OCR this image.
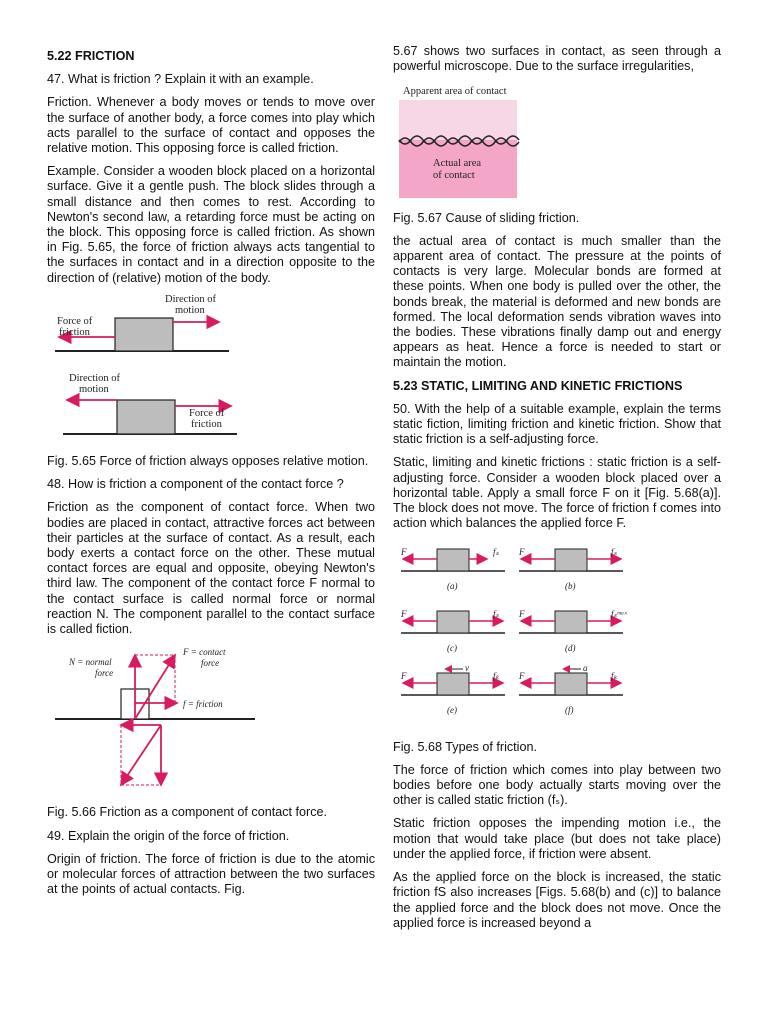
5.22 FRICTION

47. What is friction ? Explain it with an example.

Friction. Whenever a body moves or tends to move over the surface of another body, a force comes into play which acts parallel to the surface of contact and opposes the relative motion. This opposing force is called friction.

Example. Consider a wooden block placed on a horizontal surface. Give it a gentle push. The block slides through a small distance and then comes to rest. According to Newton's second law, a retarding force must be acting on the block. This opposing force is called friction. As shown in Fig. 5.65, the force of friction always acts tangential to the surfaces in contact and in a direction opposite to the direction of (relative) motion of the body.

Direction of
motion
Force of
friction
Direction of
motion
Force of
friction

Fig. 5.65 Force of friction always opposes relative motion.

48. How is friction a component of the contact force ?

Friction as the component of contact force. When two bodies are placed in contact, attractive forces act between their particles at the surface of contact. As a result, each body exerts a contact force on the other. These mutual contact forces are equal and opposite, obeying Newton's third law. The component of the contact force F normal to the contact surface is called normal force or normal reaction N. The component parallel to the contact surface is called fiction.

N = normal
force
F = contact
force
f = friction

Fig. 5.66 Friction as a component of contact force.

49. Explain the origin of the force of friction.

Origin of friction. The force of friction is due to the atomic or molecular forces of attraction between the two surfaces at the points of actual contacts. Fig.

5.67 shows two surfaces in contact, as seen through a powerful microscope. Due to the surface irregularities,

Apparent area of contact
Actual area
of contact

Fig. 5.67 Cause of sliding friction.

the actual area of contact is much smaller than the apparent area of contact. The pressure at the points of contacts is very large. Molecular bonds are formed at these points. When one body is pulled over the other, the bonds break, the material is deformed and new bonds are formed. The local deformation sends vibration waves into the bodies. These vibrations finally damp out and energy appears as heat. Hence a force is needed to start or maintain the motion.

5.23 STATIC, LIMITING AND KINETIC FRICTIONS

50. With the help of a suitable example, explain the terms static fiction, limiting friction and kinetic friction. Show that static friction is a self-adjusting force.

Static, limiting and kinetic frictions : static friction is a self-adjusting force. Consider a wooden block placed over a horizontal table. Apply a small force F on it [Fig. 5.68(a)]. The block does not move. The force of friction f comes into action which balances the applied force F.

F	fₛ
(a)
F	fₛ
(b)
F	fₛ
(c)
F	fₛᵐᵃˣ
(d)
F	fₖ
v
(e)
F	fₖ
a
(f)

Fig. 5.68 Types of friction.

The force of friction which comes into play between two bodies before one body actually starts moving over the other is called static friction (fₛ).

Static friction opposes the impending motion i.e., the motion that would take place (but does not take place) under the applied force, if friction were absent.

As the applied force on the block is increased, the static friction fS also increases [Figs. 5.68(b) and (c)] to balance the applied force and the block does not move. Once the applied force is increased beyond a
